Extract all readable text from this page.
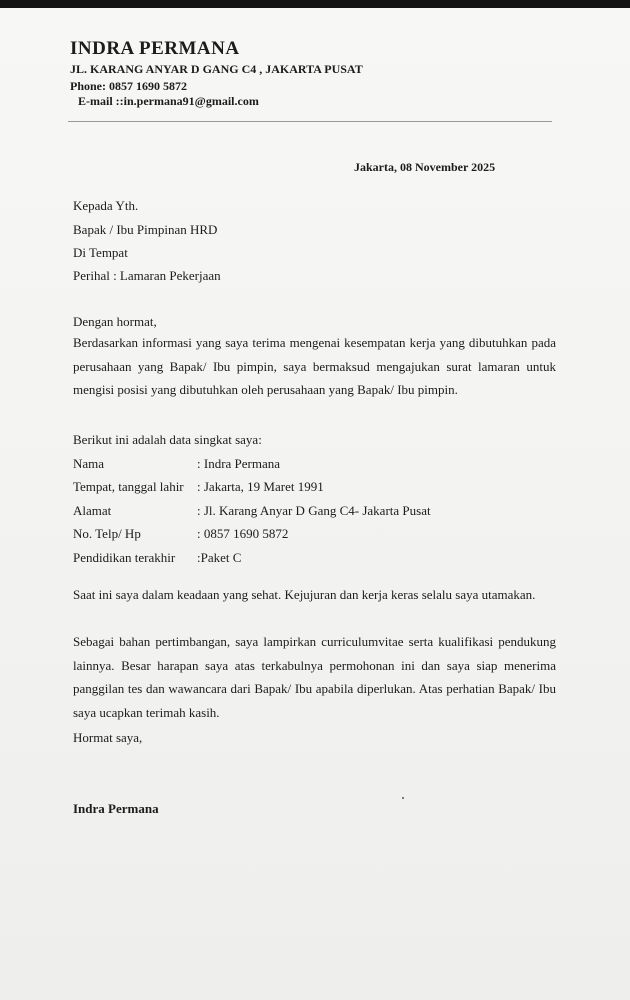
INDRA PERMANA
JL. KARANG ANYAR D GANG C4 , JAKARTA PUSAT
Phone: 0857 1690 5872
E-mail ::in.permana91@gmail.com
Jakarta, 08 November 2025
Kepada Yth.
Bapak / Ibu Pimpinan HRD
Di Tempat
Perihal : Lamaran Pekerjaan
Dengan hormat,
Berdasarkan informasi yang saya terima mengenai kesempatan kerja yang dibutuhkan pada perusahaan yang Bapak/ Ibu pimpin, saya bermaksud mengajukan surat lamaran untuk mengisi posisi yang dibutuhkan oleh perusahaan yang Bapak/ Ibu pimpin.
Berikut ini adalah data singkat saya:
Nama	: Indra Permana
Tempat, tanggal lahir : Jakarta, 19 Maret 1991
Alamat	: Jl. Karang Anyar D Gang C4- Jakarta Pusat
No. Telp/ Hp	: 0857 1690 5872
Pendidikan terakhir :Paket C
Saat ini saya dalam keadaan yang sehat. Kejujuran dan kerja keras selalu saya utamakan.
Sebagai bahan pertimbangan, saya lampirkan curriculumvitae serta kualifikasi pendukung lainnya. Besar harapan saya atas terkabulnya permohonan ini dan saya siap menerima panggilan tes dan wawancara dari Bapak/ Ibu apabila diperlukan. Atas perhatian Bapak/ Ibu saya ucapkan terimah kasih.
Hormat saya,
Indra Permana
